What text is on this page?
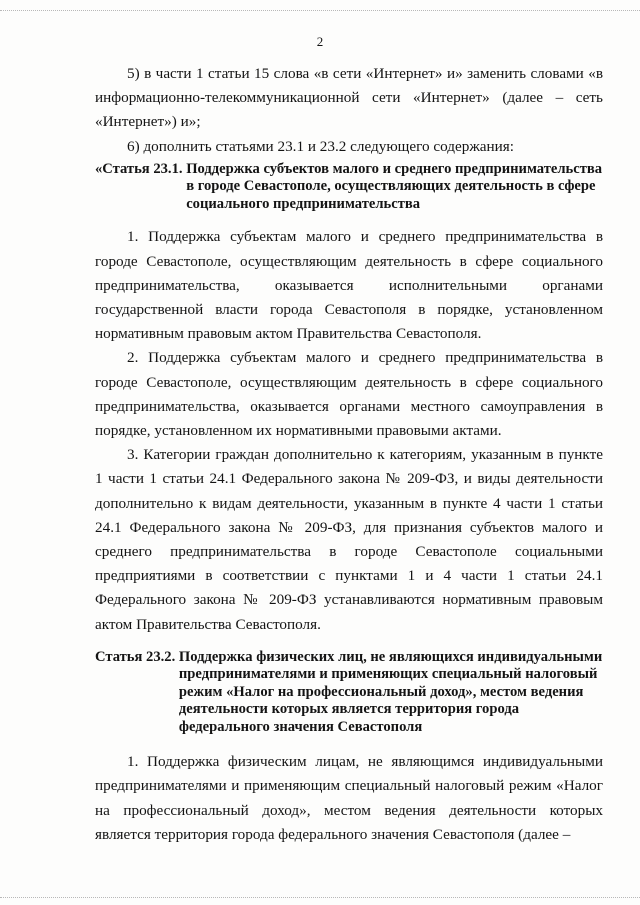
2

5) в части 1 статьи 15 слова «в сети «Интернет» и» заменить словами «в информационно-телекоммуникационной сети «Интернет» (далее – сеть «Интернет») и»;

6) дополнить статьями 23.1 и 23.2 следующего содержания:

«Статья 23.1. Поддержка субъектов малого и среднего предпринимательства в городе Севастополе, осуществляющих деятельность в сфере социального предпринимательства

1. Поддержка субъектам малого и среднего предпринимательства в городе Севастополе, осуществляющим деятельность в сфере социального предпринимательства, оказывается исполнительными органами государственной власти города Севастополя в порядке, установленном нормативным правовым актом Правительства Севастополя.

2. Поддержка субъектам малого и среднего предпринимательства в городе Севастополе, осуществляющим деятельность в сфере социального предпринимательства, оказывается органами местного самоуправления в порядке, установленном их нормативными правовыми актами.

3. Категории граждан дополнительно к категориям, указанным в пункте 1 части 1 статьи 24.1 Федерального закона № 209-ФЗ, и виды деятельности дополнительно к видам деятельности, указанным в пункте 4 части 1 статьи 24.1 Федерального закона № 209-ФЗ, для признания субъектов малого и среднего предпринимательства в городе Севастополе социальными предприятиями в соответствии с пунктами 1 и 4 части 1 статьи 24.1 Федерального закона № 209-ФЗ устанавливаются нормативным правовым актом Правительства Севастополя.

Статья 23.2. Поддержка физических лиц, не являющихся индивидуальными предпринимателями и применяющих специальный налоговый режим «Налог на профессиональный доход», местом ведения деятельности которых является территория города федерального значения Севастополя

1. Поддержка физическим лицам, не являющимся индивидуальными предпринимателями и применяющим специальный налоговый режим «Налог на профессиональный доход», местом ведения деятельности которых является территория города федерального значения Севастополя (далее –
